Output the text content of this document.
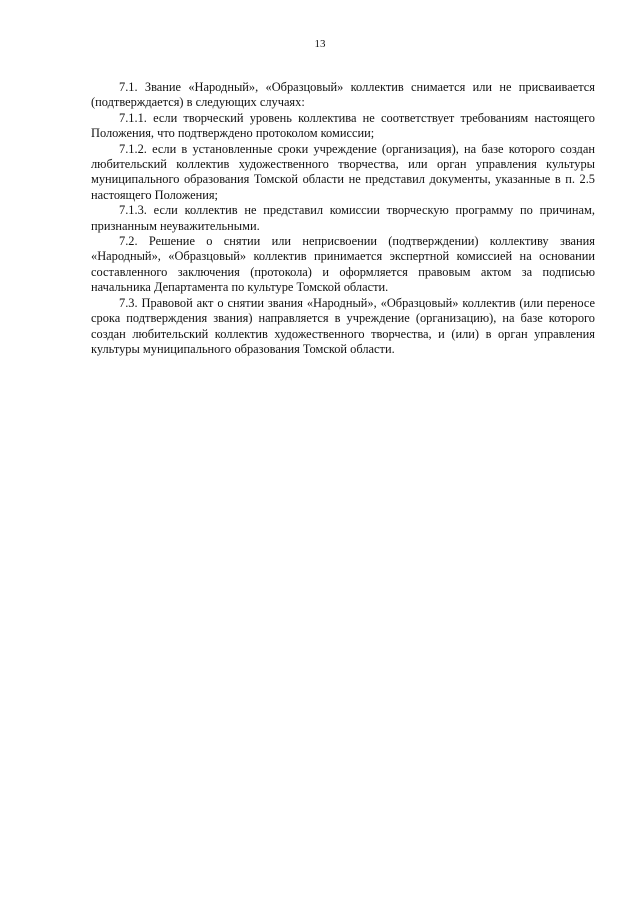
13

7.1. Звание «Народный», «Образцовый» коллектив снимается или не присваивается (подтверждается) в следующих случаях:

7.1.1. если творческий уровень коллектива не соответствует требованиям настоящего Положения, что подтверждено протоколом комиссии;

7.1.2. если в установленные сроки учреждение (организация), на базе которого создан любительский коллектив художественного творчества, или орган управления культуры муниципального образования Томской области не представил документы, указанные в п. 2.5 настоящего Положения;

7.1.3. если коллектив не представил комиссии творческую программу по причинам, признанным неуважительными.

7.2. Решение о снятии или неприсвоении (подтверждении) коллективу звания «Народный», «Образцовый» коллектив принимается экспертной комиссией на основании составленного заключения (протокола) и оформляется правовым актом за подписью начальника Департамента по культуре Томской области.

7.3. Правовой акт о снятии звания «Народный», «Образцовый» коллектив (или переносе срока подтверждения звания) направляется в учреждение (организацию), на базе которого создан любительский коллектив художественного творчества, и (или) в орган управления культуры муниципального образования Томской области.
